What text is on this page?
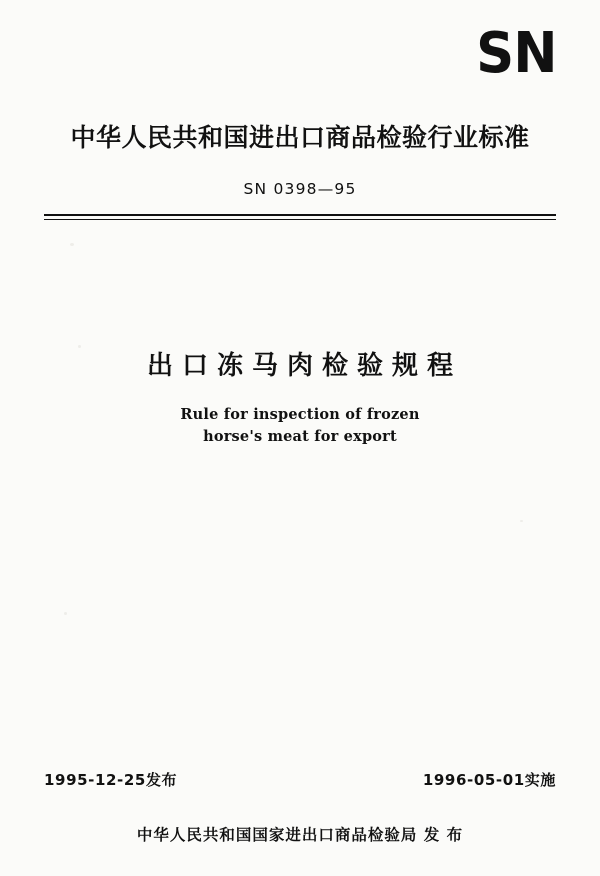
SN
中华人民共和国进出口商品检验行业标准
SN 0398—95
出口冻马肉检验规程
Rule for inspection of frozen
horse's meat for export
1995-12-25发布	1996-05-01实施
中华人民共和国国家进出口商品检验局 发 布
